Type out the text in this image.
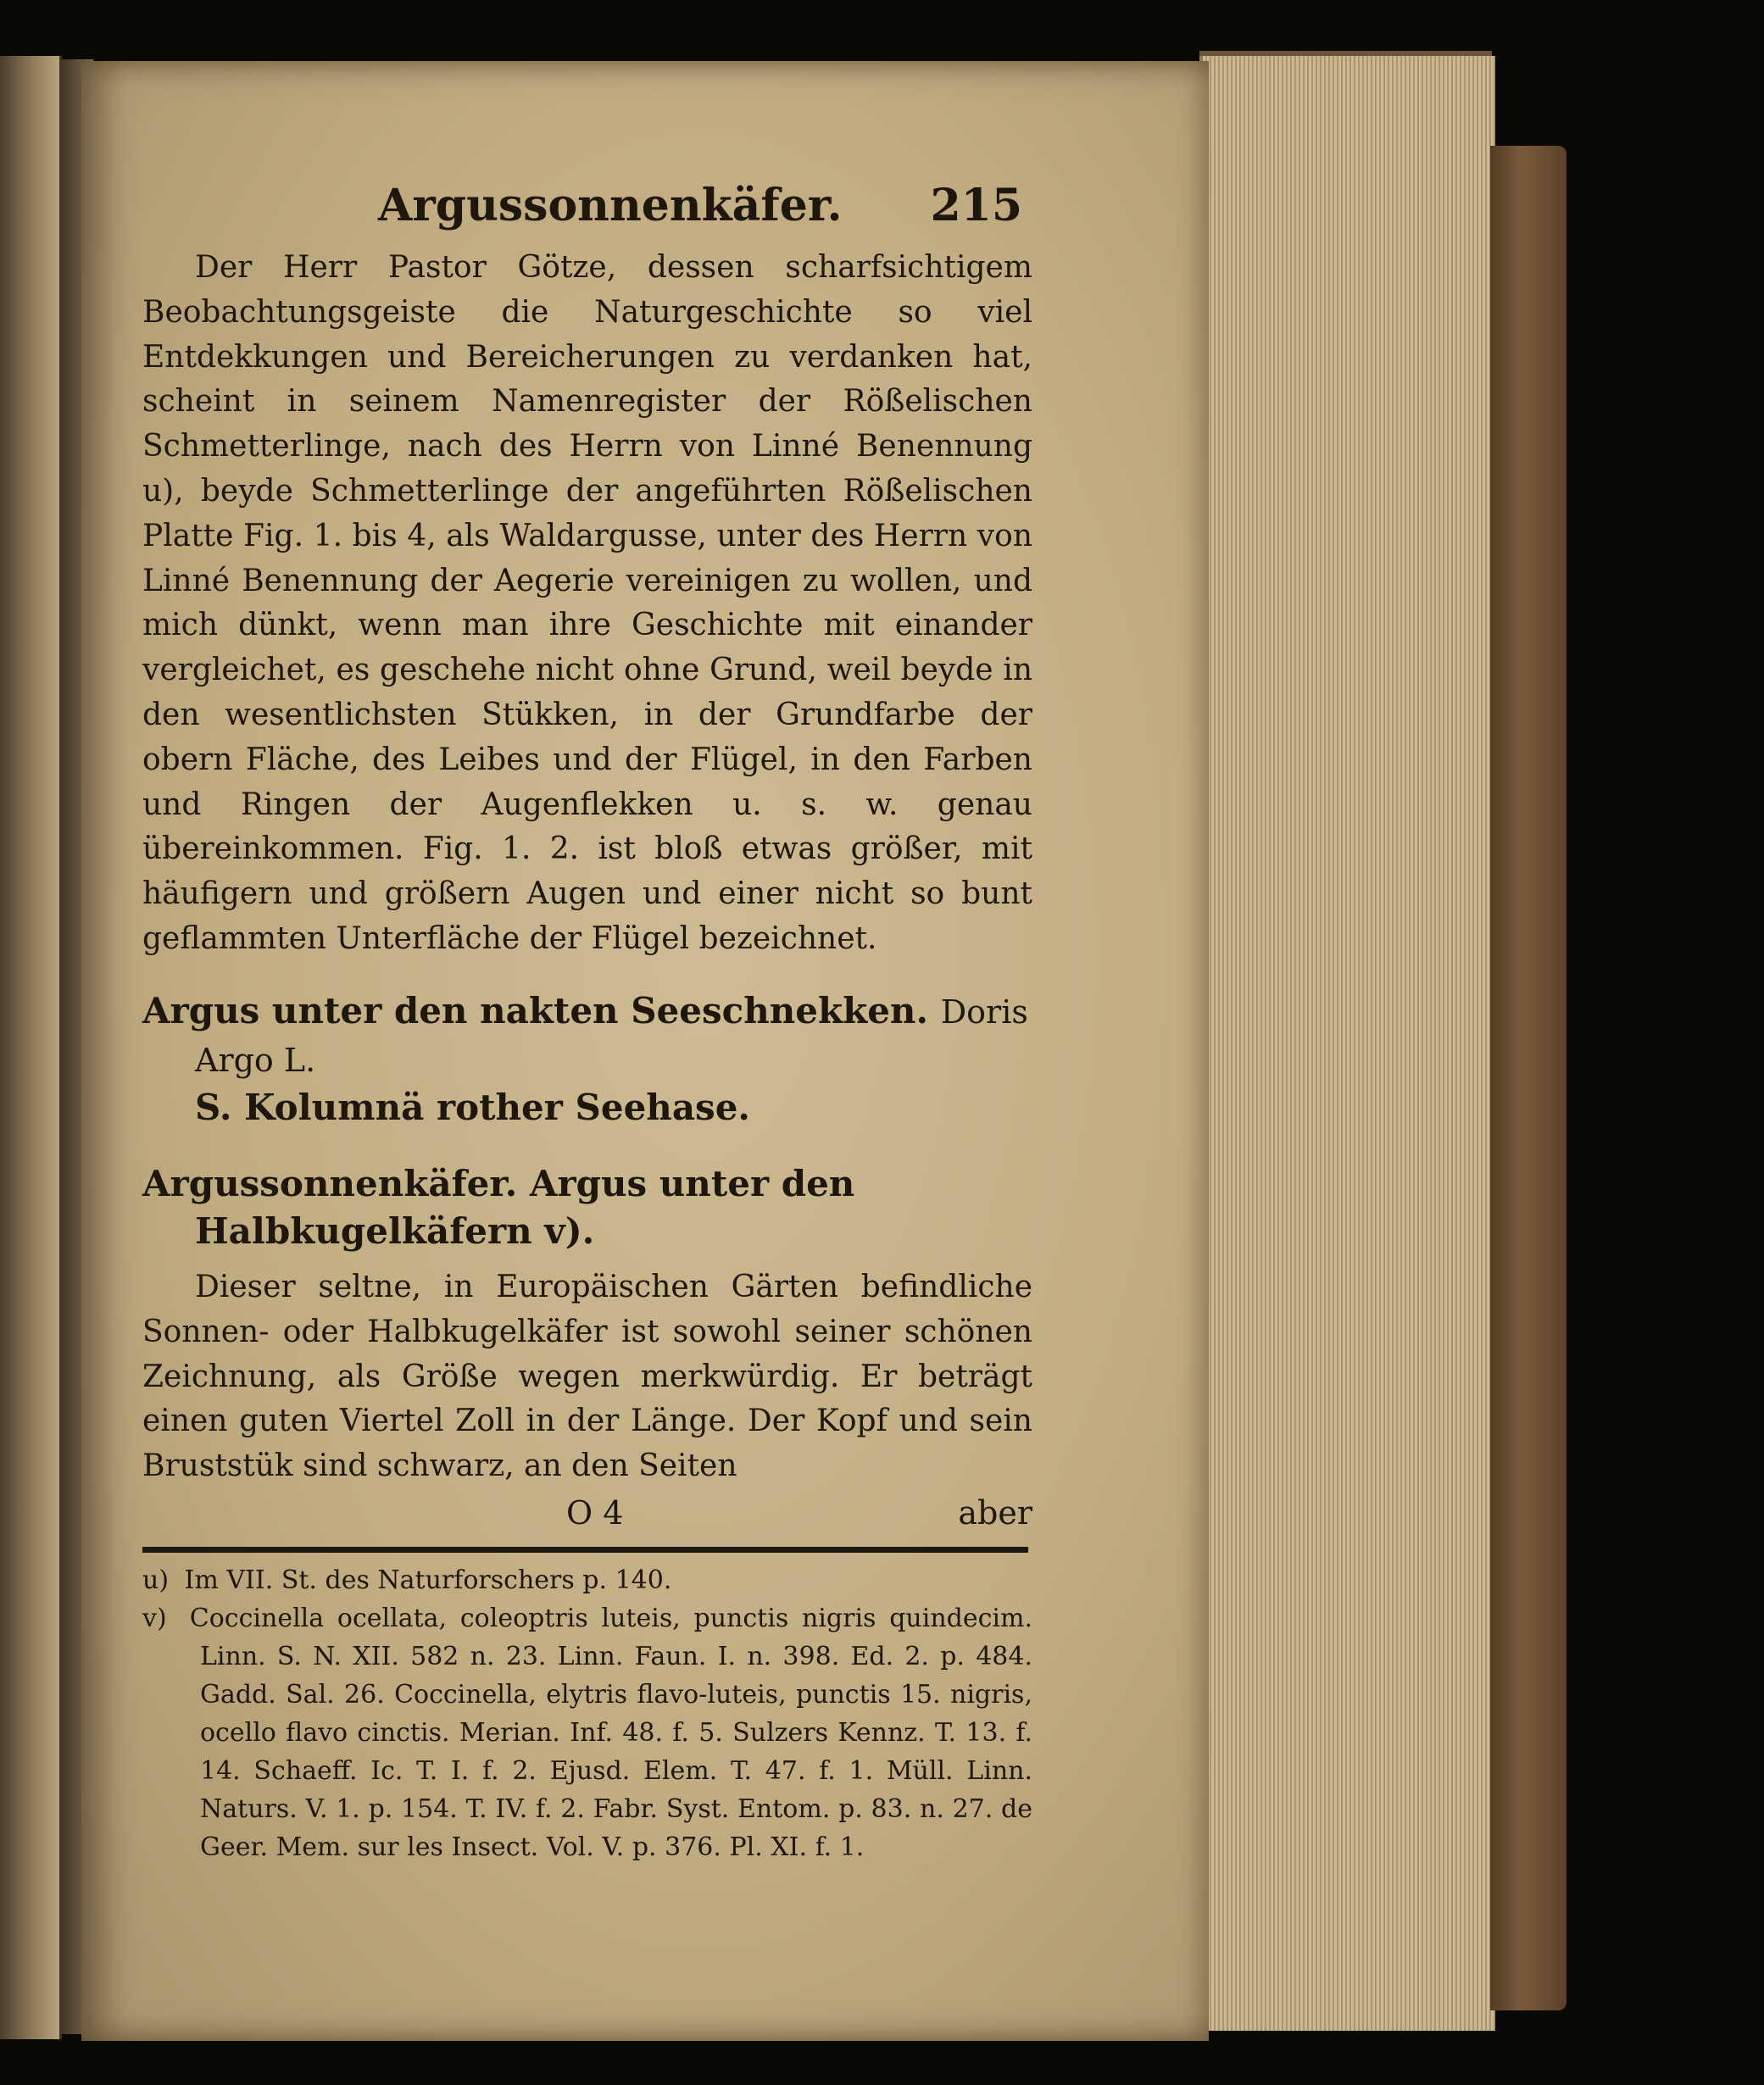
Argussonnenkäfer. 215

Der Herr Pastor Götze, dessen scharfsichtigem Beobachtungsgeiste die Naturgeschichte so viel Entdekkungen und Bereicherungen zu verdanken hat, scheint in seinem Namenregister der Rößelischen Schmetterlinge, nach des Herrn von Linné Benennung u), beyde Schmetterlinge der angeführten Rößelischen Platte Fig. 1. bis 4, als Waldargusse, unter des Herrn von Linné Benennung der Aegerie vereinigen zu wollen, und mich dünkt, wenn man ihre Geschichte mit einander vergleichet, es geschehe nicht ohne Grund, weil beyde in den wesentlichsten Stükken, in der Grundfarbe der obern Fläche, des Leibes und der Flügel, in den Farben und Ringen der Augenflekken u. s. w. genau übereinkommen. Fig. 1. 2. ist bloß etwas größer, mit häufigern und größern Augen und einer nicht so bunt geflammten Unterfläche der Flügel bezeichnet.

Argus unter den nakten Seeschnekken. Doris Argo L.
S. Kolumnä rother Seehase.

Argussonnenkäfer. Argus unter den Halbkugelkäfern v).

Dieser seltne, in Europäischen Gärten befindliche Sonnen- oder Halbkugelkäfer ist sowohl seiner schönen Zeichnung, als Größe wegen merkwürdig. Er beträgt einen guten Viertel Zoll in der Länge. Der Kopf und sein Bruststük sind schwarz, an den Seiten

O 4	aber
u) Im VII. St. des Naturforschers p. 140.
v) Coccinella ocellata, coleoptris luteis, punctis nigris quindecim. Linn. S. N. XII. 582 n. 23. Linn. Faun. I. n. 398. Ed. 2. p. 484. Gadd. Sal. 26. Coccinella, elytris flavo-luteis, punctis 15. nigris, ocello flavo cinctis. Merian. Inf. 48. f. 5. Sulzers Kennz. T. 13. f. 14. Schaeff. Ic. T. I. f. 2. Ejusd. Elem. T. 47. f. 1. Müll. Linn. Naturs. V. 1. p. 154. T. IV. f. 2. Fabr. Syst. Entom. p. 83. n. 27. de Geer. Mem. sur les Insect. Vol. V. p. 376. Pl. XI. f. 1.
